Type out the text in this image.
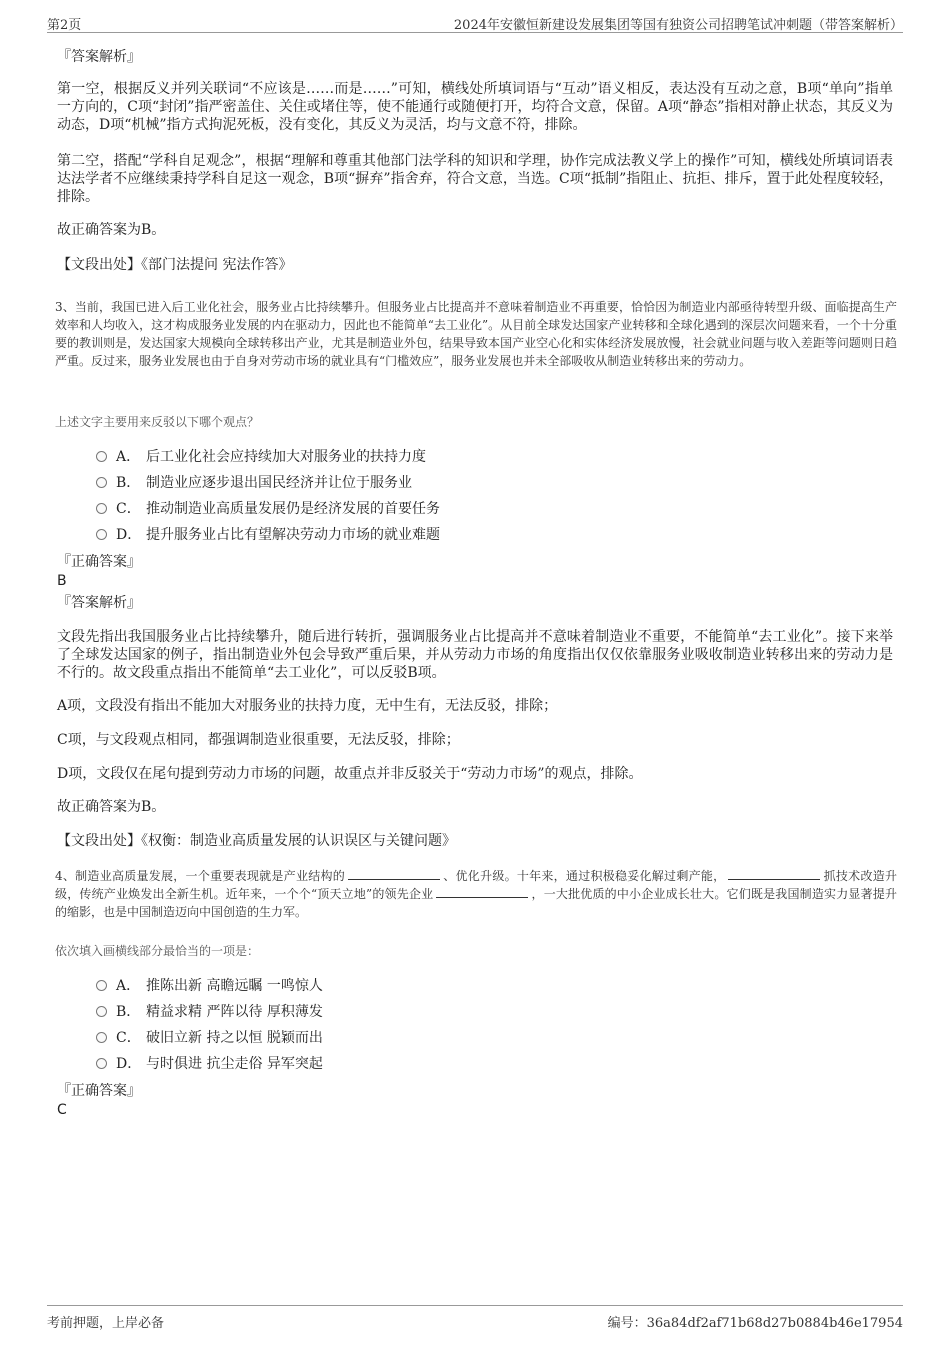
第2页	2024年安徽恒新建设发展集团等国有独资公司招聘笔试冲刺题（带答案解析）
『答案解析』

第一空，根据反义并列关联词“不应该是……而是……”可知，横线处所填词语与“互动”语义相反，表达没有互动之意，B项“单向”指单一方向的，C项“封闭”指严密盖住、关住或堵住等，使不能通行或随便打开，均符合文意，保留。A项“静态”指相对静止状态，其反义为动态，D项“机械”指方式拘泥死板，没有变化，其反义为灵活，均与文意不符，排除。

第二空，搭配“学科自足观念”，根据“理解和尊重其他部门法学科的知识和学理，协作完成法教义学上的操作”可知，横线处所填词语表达法学者不应继续秉持学科自足这一观念，B项“摒弃”指舍弃，符合文意，当选。C项“抵制”指阻止、抗拒、排斥，置于此处程度较轻，排除。

故正确答案为B。
【文段出处】《部门法提问 宪法作答》

3、当前，我国已进入后工业化社会，服务业占比持续攀升。但服务业占比提高并不意味着制造业不再重要，恰恰因为制造业内部亟待转型升级、面临提高生产效率和人均收入，这才构成服务业发展的内在驱动力，因此也不能简单“去工业化”。从目前全球发达国家产业转移和全球化遇到的深层次问题来看，一个十分重要的教训则是，发达国家大规模向全球转移出产业，尤其是制造业外包，结果导致本国产业空心化和实体经济发展放慢，社会就业问题与收入差距等问题则日趋严重。反过来，服务业发展也由于自身对劳动市场的就业具有“门槛效应”，服务业发展也并未全部吸收从制造业转移出来的劳动力。

上述文字主要用来反驳以下哪个观点？
A． 后工业化社会应持续加大对服务业的扶持力度
B． 制造业应逐步退出国民经济并让位于服务业
C． 推动制造业高质量发展仍是经济发展的首要任务
D． 提升服务业占比有望解决劳动力市场的就业难题
『正确答案』
B
『答案解析』

文段先指出我国服务业占比持续攀升，随后进行转折，强调服务业占比提高并不意味着制造业不重要，不能简单“去工业化”。接下来举了全球发达国家的例子，指出制造业外包会导致严重后果，并从劳动力市场的角度指出仅仅依靠服务业吸收制造业转移出来的劳动力是不行的。故文段重点指出不能简单“去工业化”，可以反驳B项。

A项，文段没有指出不能加大对服务业的扶持力度，无中生有，无法反驳，排除；
C项，与文段观点相同，都强调制造业很重要，无法反驳，排除；
D项，文段仅在尾句提到劳动力市场的问题，故重点并非反驳关于“劳动力市场”的观点，排除。
故正确答案为B。
【文段出处】《权衡：制造业高质量发展的认识误区与关键问题》

4、制造业高质量发展，一个重要表现就是产业结构的	、优化升级。十年来，通过积极稳妥化解过剩产能，	抓技术改造升级，传统产业焕发出全新生机。近年来，一个个“顶天立地”的领先企业	，一大批优质的中小企业成长壮大。它们既是我国制造实力显著提升的缩影，也是中国制造迈向中国创造的生力军。

依次填入画横线部分最恰当的一项是：
A． 推陈出新 高瞻远瞩 一鸣惊人
B． 精益求精 严阵以待 厚积薄发
C． 破旧立新 持之以恒 脱颖而出
D． 与时俱进 抗尘走俗 异军突起
『正确答案』
C
考前押题，上岸必备	编号：36a84df2af71b68d27b0884b46e17954
